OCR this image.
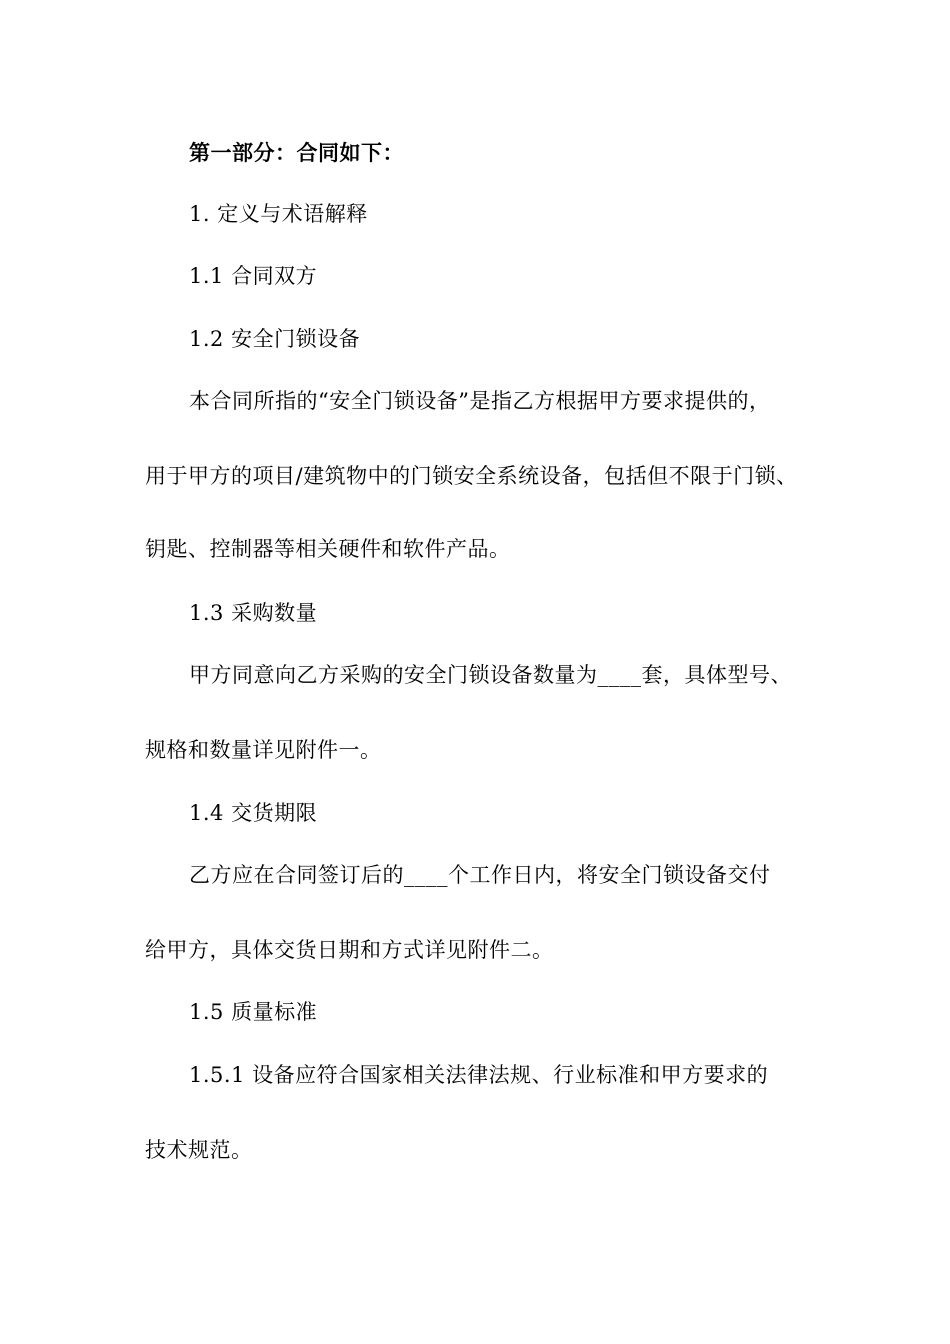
第一部分：合同如下：
1. 定义与术语解释
1.1 合同双方
1.2 安全门锁设备
本合同所指的“安全门锁设备”是指乙方根据甲方要求提供的，
用于甲方的项目/建筑物中的门锁安全系统设备，包括但不限于门锁、
钥匙、控制器等相关硬件和软件产品。
1.3 采购数量
甲方同意向乙方采购的安全门锁设备数量为____套，具体型号、
规格和数量详见附件一。
1.4 交货期限
乙方应在合同签订后的____个工作日内，将安全门锁设备交付
给甲方，具体交货日期和方式详见附件二。
1.5 质量标准
1.5.1 设备应符合国家相关法律法规、行业标准和甲方要求的
技术规范。
